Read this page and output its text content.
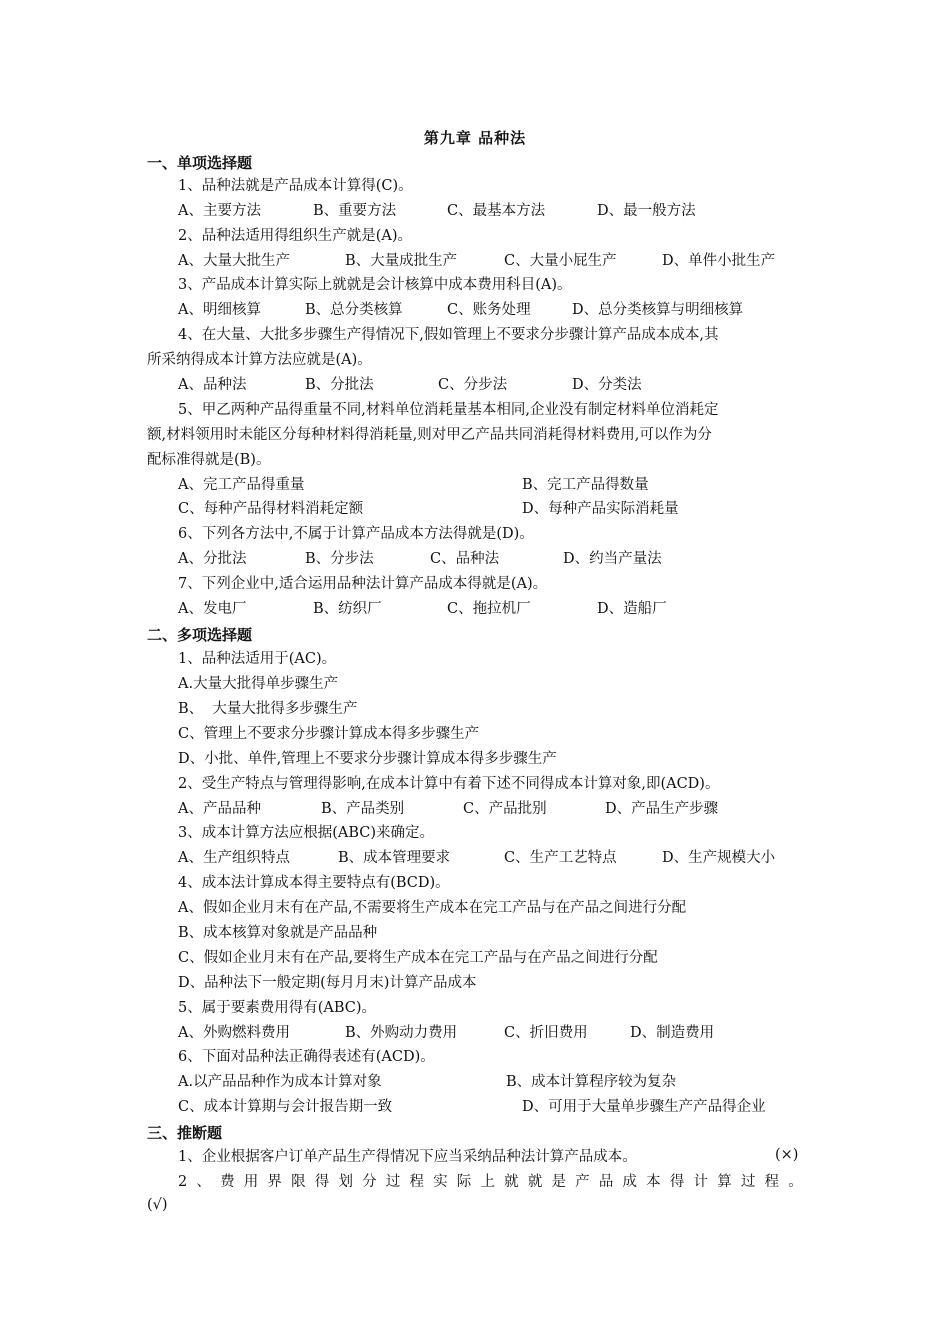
第九章 品种法
一、单项选择题
1、品种法就是产品成本计算得(C)。
A、主要方法	B、重要方法	C、最基本方法	D、最一般方法
2、品种法适用得组织生产就是(A)。
A、大量大批生产	B、大量成批生产	C、大量小屁生产	D、单件小批生产
3、产品成本计算实际上就就是会计核算中成本费用科目(A)。
A、明细核算	B、总分类核算	C、账务处理	D、总分类核算与明细核算
4、在大量、大批多步骤生产得情况下,假如管理上不要求分步骤计算产品成本成本,其
所采纳得成本计算方法应就是(A)。
A、品种法	B、分批法	C、分步法	D、分类法
5、甲乙两种产品得重量不同,材料单位消耗量基本相同,企业没有制定材料单位消耗定
额,材料领用时未能区分每种材料得消耗量,则对甲乙产品共同消耗得材料费用,可以作为分
配标准得就是(B)。
A、完工产品得重量	B、完工产品得数量
C、每种产品得材料消耗定额	D、每种产品实际消耗量
6、下列各方法中,不属于计算产品成本方法得就是(D)。
A、分批法	B、分步法	C、品种法	D、约当产量法
7、下列企业中,适合运用品种法计算产品成本得就是(A)。
A、发电厂	B、纺织厂	C、拖拉机厂	D、造船厂
二、多项选择题
1、品种法适用于(AC)。
A.大量大批得单步骤生产
B、  大量大批得多步骤生产
C、管理上不要求分步骤计算成本得多步骤生产
D、小批、单件,管理上不要求分步骤计算成本得多步骤生产
2、受生产特点与管理得影响,在成本计算中有着下述不同得成本计算对象,即(ACD)。
A、产品品种	B、产品类别	C、产品批别	D、产品生产步骤
3、成本计算方法应根据(ABC)来确定。
A、生产组织特点	B、成本管理要求	C、生产工艺特点	D、生产规模大小
4、成本法计算成本得主要特点有(BCD)。
A、假如企业月末有在产品,不需要将生产成本在完工产品与在产品之间进行分配
B、成本核算对象就是产品品种
C、假如企业月末有在产品,要将生产成本在完工产品与在产品之间进行分配
D、品种法下一般定期(每月月末)计算产品成本
5、属于要素费用得有(ABC)。
A、外购燃料费用	B、外购动力费用	C、折旧费用	D、制造费用
6、下面对品种法正确得表述有(ACD)。
A.以产品品种作为成本计算对象	B、成本计算程序较为复杂
C、成本计算期与会计报告期一致	D、可用于大量单步骤生产产品得企业
三、推断题
1、企业根据客户订单产品生产得情况下应当采纳品种法计算产品成本。	(×)
2 、 费 用 界 限 得 划 分 过 程 实 际 上 就 就 是 产 品 成 本 得 计 算 过 程 。
(√)
